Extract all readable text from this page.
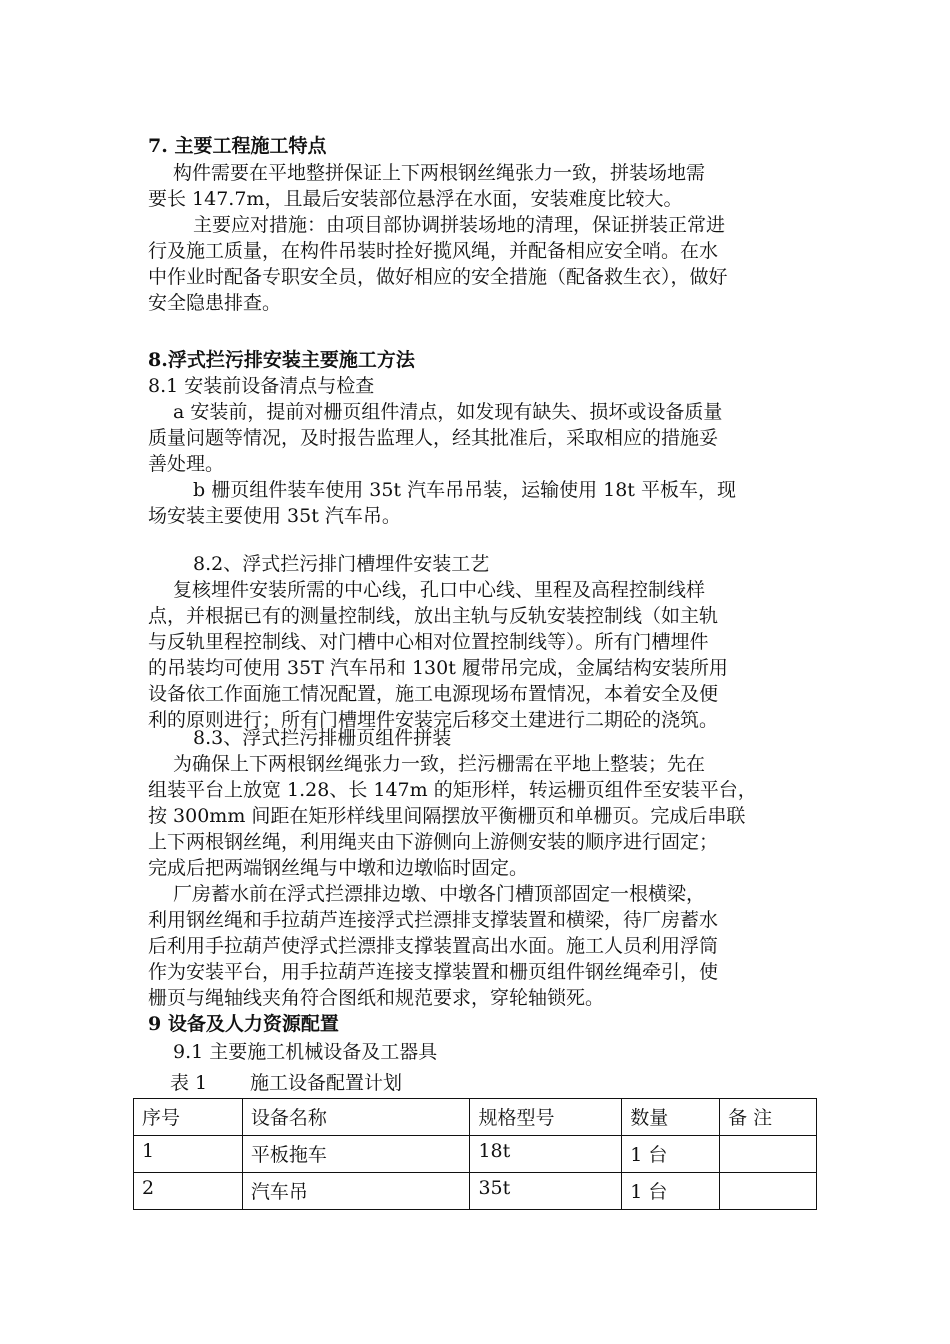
7. 主要工程施工特点
构件需要在平地整拼保证上下两根钢丝绳张力一致，拼装场地需
要长 147.7m，且最后安装部位悬浮在水面，安装难度比较大。
主要应对措施：由项目部协调拼装场地的清理，保证拼装正常进
行及施工质量，在构件吊装时拴好揽风绳，并配备相应安全哨。在水
中作业时配备专职安全员，做好相应的安全措施（配备救生衣），做好
安全隐患排查。
8.浮式拦污排安装主要施工方法
8.1 安装前设备清点与检查
a 安装前，提前对栅页组件清点，如发现有缺失、损坏或设备质量
质量问题等情况，及时报告监理人，经其批准后，采取相应的措施妥
善处理。
b 栅页组件装车使用 35t 汽车吊吊装，运输使用 18t 平板车，现
场安装主要使用 35t 汽车吊。
8.2、浮式拦污排门槽埋件安装工艺
复核埋件安装所需的中心线，孔口中心线、里程及高程控制线样
点，并根据已有的测量控制线，放出主轨与反轨安装控制线（如主轨
与反轨里程控制线、对门槽中心相对位置控制线等）。所有门槽埋件
的吊装均可使用 35T 汽车吊和 130t 履带吊完成，金属结构安装所用
设备依工作面施工情况配置，施工电源现场布置情况，本着安全及便
利的原则进行；所有门槽埋件安装完后移交土建进行二期砼的浇筑。
8.3、浮式拦污排栅页组件拼装
为确保上下两根钢丝绳张力一致，拦污栅需在平地上整装；先在
组装平台上放宽 1.28、长 147m 的矩形样，转运栅页组件至安装平台，
按 300mm 间距在矩形样线里间隔摆放平衡栅页和单栅页。完成后串联
上下两根钢丝绳，利用绳夹由下游侧向上游侧安装的顺序进行固定；
完成后把两端钢丝绳与中墩和边墩临时固定。
厂房蓄水前在浮式拦漂排边墩、中墩各门槽顶部固定一根横梁，
利用钢丝绳和手拉葫芦连接浮式拦漂排支撑装置和横梁，待厂房蓄水
后利用手拉葫芦使浮式拦漂排支撑装置高出水面。施工人员利用浮筒
作为安装平台，用手拉葫芦连接支撑装置和栅页组件钢丝绳牵引，使
栅页与绳轴线夹角符合图纸和规范要求，穿轮轴锁死。
9 设备及人力资源配置
9.1 主要施工机械设备及工器具
表 1 施工设备配置计划
序号	设备名称	规格型号	数量	备 注
1	平板拖车	18t	1 台	
2	汽车吊	35t	1 台	
